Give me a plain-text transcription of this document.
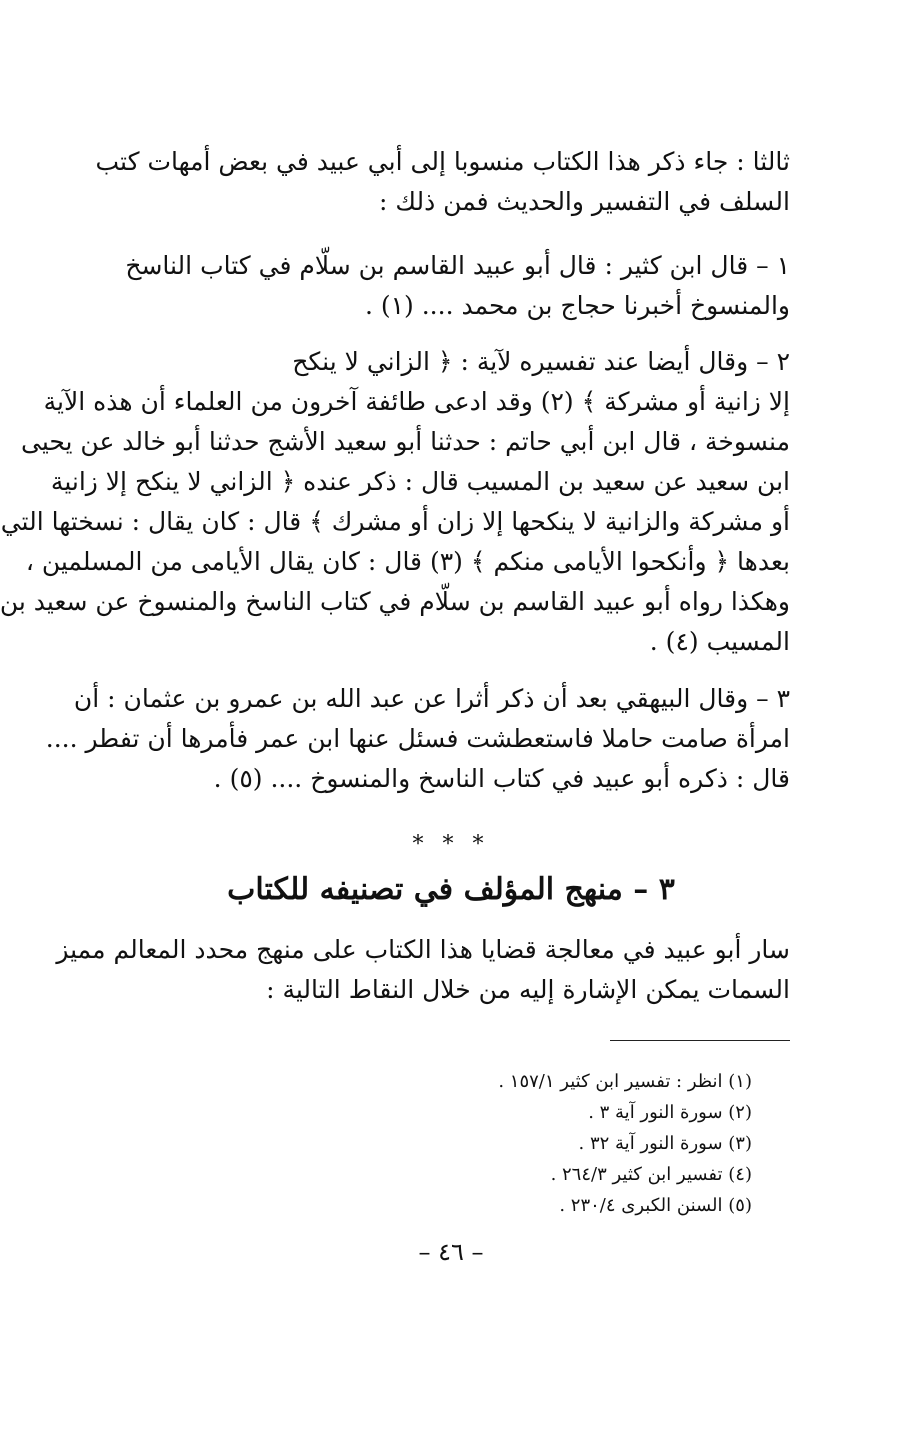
ثالثا : جاء ذكر هذا الكتاب منسوبا إلى أبي عبيد في بعض أمهات كتب
السلف في التفسير والحديث فمن ذلك :
١ – قال ابن كثير : قال أبو عبيد القاسم بن سلّام في كتاب الناسخ
والمنسوخ أخبرنا حجاج بن محمد .... (١) .
٢ – وقال أيضا عند تفسيره لآية : ﴿ الزاني لا ينكح
إلا زانية أو مشركة ﴾ (٢) وقد ادعى طائفة آخرون من العلماء أن هذه الآية
منسوخة ، قال ابن أبي حاتم : حدثنا أبو سعيد الأشج حدثنا أبو خالد عن يحيى
ابن سعيد عن سعيد بن المسيب قال : ذكر عنده ﴿ الزاني لا ينكح إلا زانية
أو مشركة والزانية لا ينكحها إلا زان أو مشرك ﴾ قال : كان يقال : نسختها التي
بعدها ﴿ وأنكحوا الأيامى منكم ﴾ (٣) قال : كان يقال الأيامى من المسلمين ،
وهكذا رواه أبو عبيد القاسم بن سلّام في كتاب الناسخ والمنسوخ عن سعيد بن
المسيب (٤) .
٣ – وقال البيهقي بعد أن ذكر أثرا عن عبد الله بن عمرو بن عثمان : أن
امرأة صامت حاملا فاستعطشت فسئل عنها ابن عمر فأمرها أن تفطر ....
قال : ذكره أبو عبيد في كتاب الناسخ والمنسوخ .... (٥) .
* * *
٣ – منهج المؤلف في تصنيفه للكتاب
سار أبو عبيد في معالجة قضايا هذا الكتاب على منهج محدد المعالم مميز
السمات يمكن الإشارة إليه من خلال النقاط التالية :
(١) انظر : تفسير ابن كثير ١٥٧/١ .
(٢) سورة النور آية ٣ .
(٣) سورة النور آية ٣٢ .
(٤) تفسير ابن كثير ٢٦٤/٣ .
(٥) السنن الكبرى ٢٣٠/٤ .
– ٤٦ –
